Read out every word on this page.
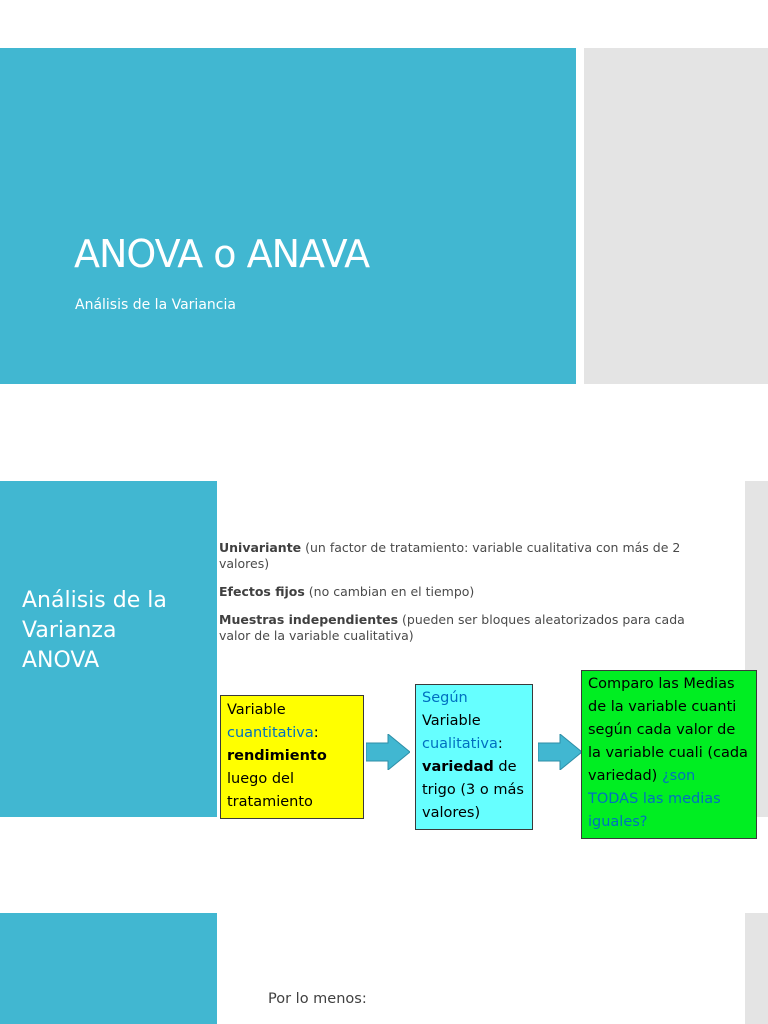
ANOVA o ANAVA
Análisis de la Variancia
Análisis de la
Varianza
ANOVA
Univariante (un factor de tratamiento: variable cualitativa con más de 2 valores)
Efectos fijos (no cambian en el tiempo)
Muestras independientes (pueden ser bloques aleatorizados para cada valor de la variable cualitativa)
Variable
cuantitativa:
rendimiento
luego del
tratamiento
Según
Variable
cualitativa:
variedad de trigo (3 o más valores)
Comparo las Medias de la variable cuanti según cada valor de la variable cuali (cada variedad) ¿son TODAS las medias iguales?
Por lo menos:
